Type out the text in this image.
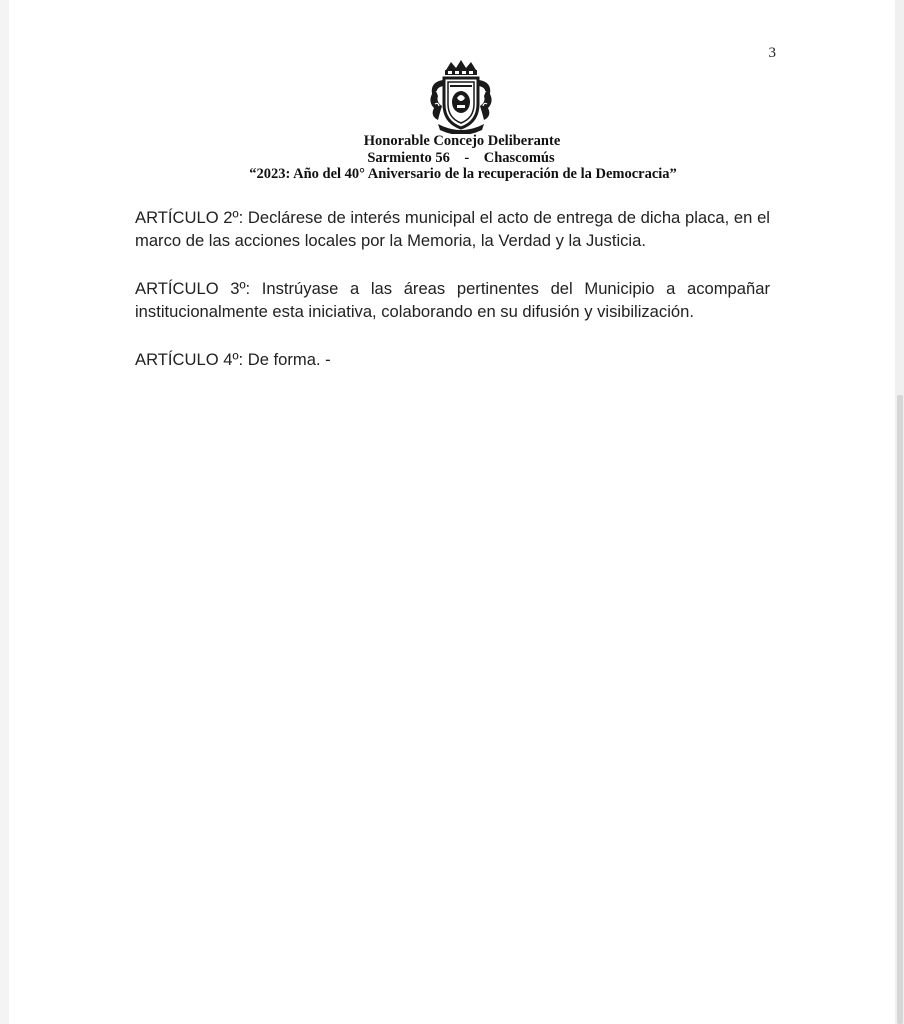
3
Honorable Concejo Deliberante
Sarmiento 56    -    Chascomús
“2023: Año del 40° Aniversario de la recuperación de la Democracia”

ARTÍCULO 2º: Declárese de interés municipal el acto de entrega de dicha placa, en el marco de las acciones locales por la Memoria, la Verdad y la Justicia.

ARTÍCULO 3º: Instrúyase a las áreas pertinentes del Municipio a acompañar institucionalmente esta iniciativa, colaborando en su difusión y visibilización.

ARTÍCULO 4º: De forma. -
